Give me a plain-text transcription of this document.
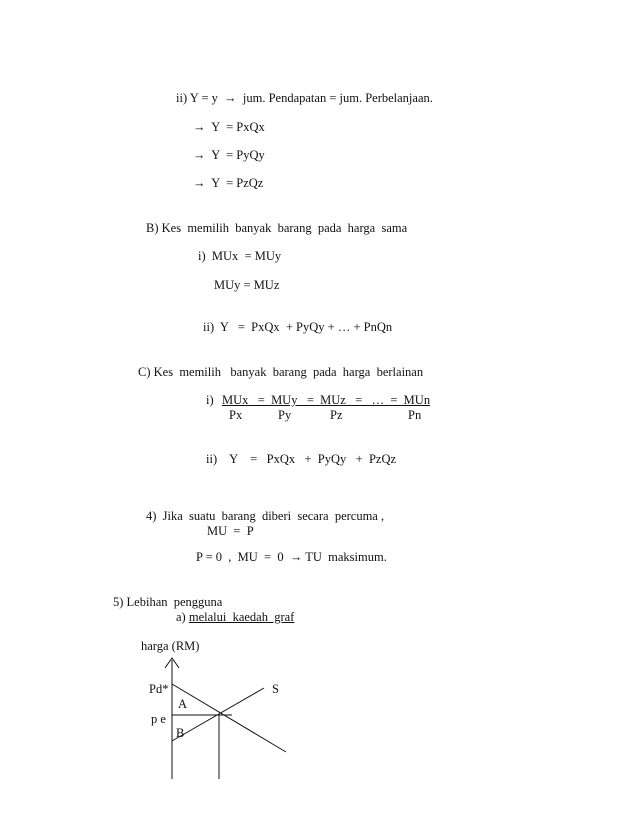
ii) Y = y  →  jum. Pendapatan = jum. Perbelanjaan.
→  Y  = PxQx
→  Y  = PyQy
→  Y  = PzQz
B) Kes  memilih  banyak  barang  pada  harga  sama
i)  MUx  = MUy
MUy = MUz
ii)  Y   =  PxQx  + PyQy + … + PnQn
C) Kes  memilih   banyak  barang  pada  harga  berlainan
i) MUx   =  MUy   =  MUz   =   …  =  MUn
Px	Py	Pz	Pn
ii)    Y    =   PxQx   +  PyQy   +  PzQz
4)  Jika  suatu  barang  diberi  secara  percuma ,
MU  =  P
P = 0  ,  MU  =  0  → TU  maksimum.
5) Lebihan  pengguna
a) melalui  kaedah  graf
harga (RM)
Pd*	S
A
p e
B
